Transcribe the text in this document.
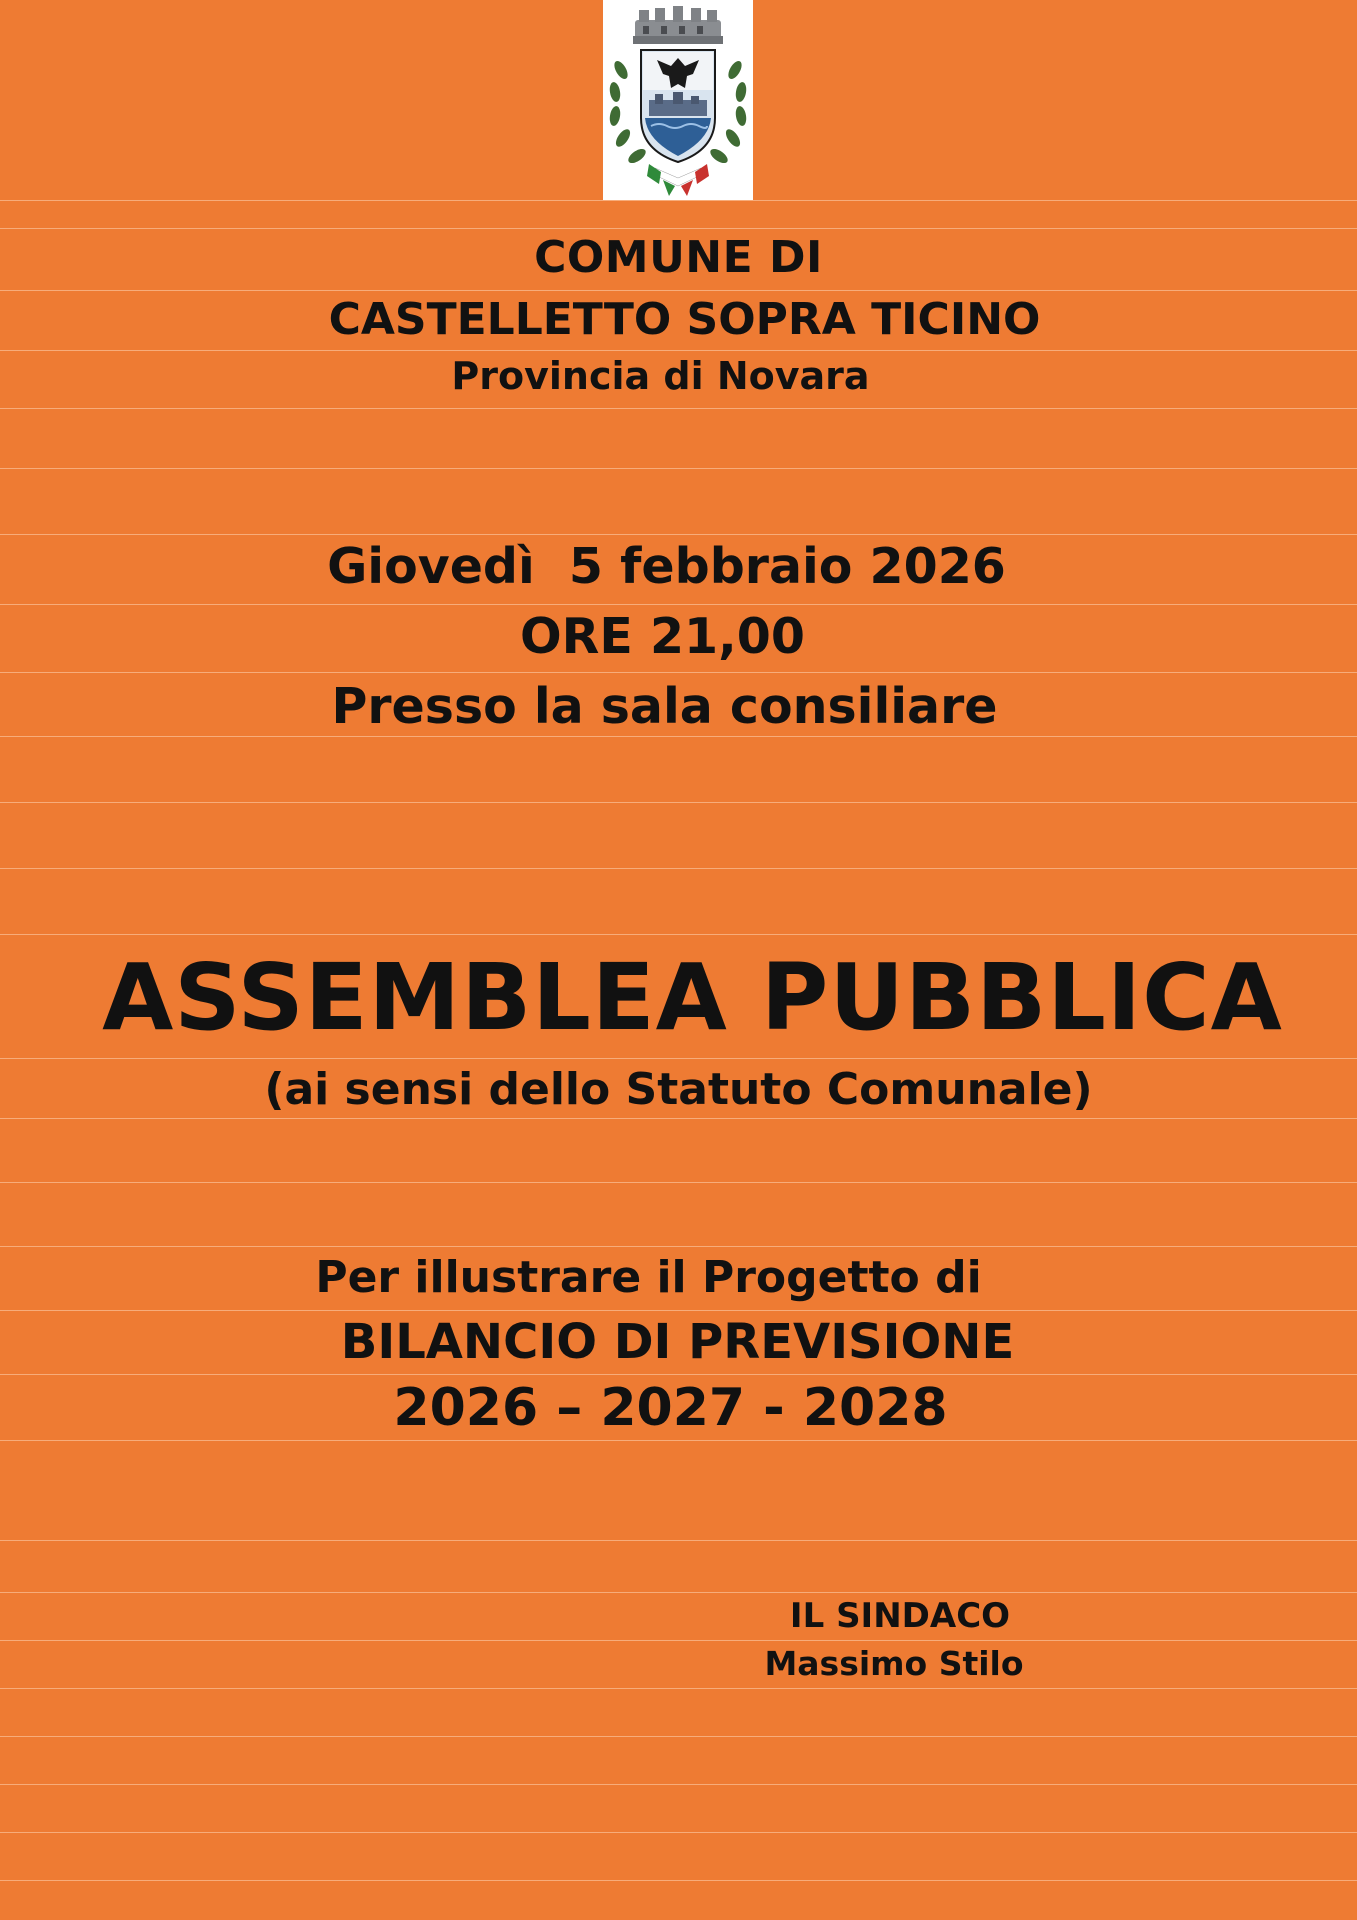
COMUNE DI
CASTELLETTO SOPRA TICINO
Provincia di Novara
Giovedì  5 febbraio 2026
ORE 21,00
Presso la sala consiliare
ASSEMBLEA PUBBLICA
(ai sensi dello Statuto Comunale)
Per illustrare il Progetto di
BILANCIO DI PREVISIONE
2026 – 2027 - 2028
IL SINDACO
Massimo Stilo
